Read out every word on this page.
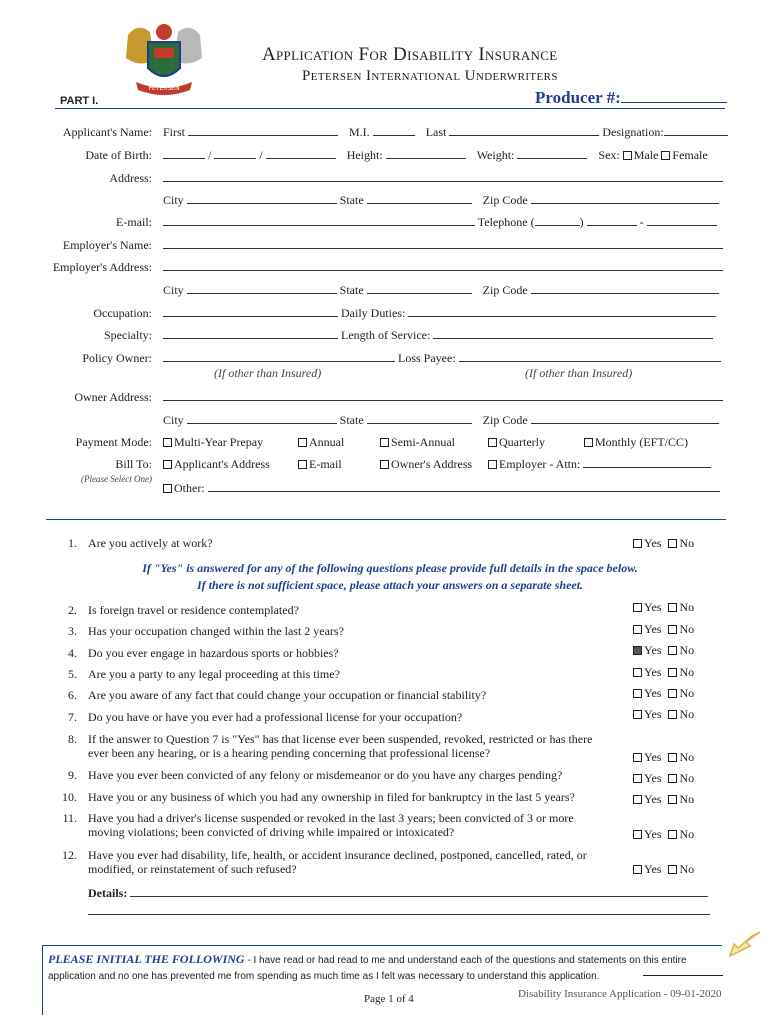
PETERSEN
Application For Disability Insurance
Petersen International Underwriters
Producer #:
PART I.
Applicant's Name: First	M.I.	Last	Designation:
Date of Birth:	/	/	Height:	Weight:	Sex: Male Female
Address:
City	State	Zip Code
E-mail:	Telephone (	)	-
Employer's Name:
Employer's Address:
City	State	Zip Code
Occupation:	Daily Duties:
Specialty:	Length of Service:
Policy Owner:	Loss Payee:
(If other than Insured)	(If other than Insured)
Owner Address:
City	State	Zip Code
Payment Mode:	Multi-Year Prepay	Annual	Semi-Annual	Quarterly	Monthly (EFT/CC)
Bill To:	Applicant's Address	E-mail	Owner's Address	Employer - Attn:
(Please Select One)
Other:
1. Are you actively at work?	Yes No
If "Yes" is answered for any of the following questions please provide full details in the space below.
If there is not sufficient space, please attach your answers on a separate sheet.
2. Is foreign travel or residence contemplated?	Yes No
3. Has your occupation changed within the last 2 years?	Yes No
4. Do you ever engage in hazardous sports or hobbies?	Yes No
5. Are you a party to any legal proceeding at this time?	Yes No
6. Are you aware of any fact that could change your occupation or financial stability?	Yes No
7. Do you have or have you ever had a professional license for your occupation?	Yes No
8. If the answer to Question 7 is "Yes" has that license ever been suspended, revoked, restricted or has there ever been any hearing, or is a hearing pending concerning that professional license?	Yes No
9. Have you ever been convicted of any felony or misdemeanor or do you have any charges pending?	Yes No
10. Have you or any business of which you had any ownership in filed for bankruptcy in the last 5 years?	Yes No
11. Have you had a driver's license suspended or revoked in the last 3 years; been convicted of 3 or more moving violations; been convicted of driving while impaired or intoxicated?	Yes No
12. Have you ever had disability, life, health, or accident insurance declined, postponed, cancelled, rated, or modified, or reinstatement of such refused?	Yes No
Details:
PLEASE INITIAL THE FOLLOWING - I have read or had read to me and understand each of the questions and statements on this entire application and no one has prevented me from spending as much time as I felt was necessary to understand this application.
Page 1 of 4	Disability Insurance Application - 09-01-2020
